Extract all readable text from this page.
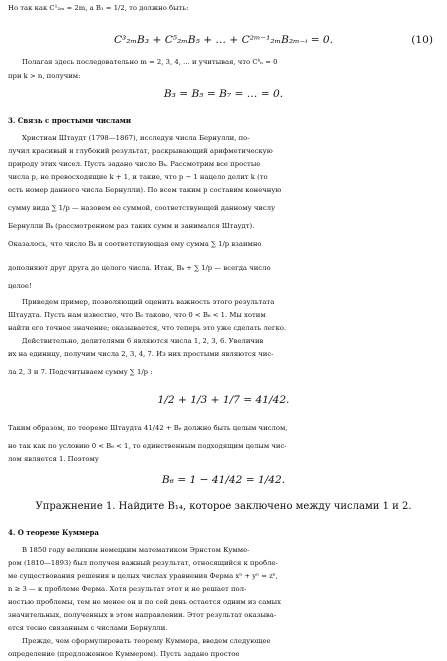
Но так как C¹₂ₘ = 2m, а B₁ = 1/2, то должно быть:
C³₂ₘB₃ + C⁵₂ₘB₅ + … + C²ᵐ⁻¹₂ₘB₂ₘ₋ᵢ = 0.	(10)
Полагая здесь последовательно m = 2, 3, 4, … и учитывая, что Cᵏₙ = 0
при k > n, получим:
B₃ = B₅ = B₇ = … = 0.
3. Связь с простыми числами
Христиан Штаудт (1798—1867), исследуя числа Бернулли, по-
лучил красивый и глубокий результат, раскрывающий арифметическую
природу этих чисел. Пусть задано число Bₖ. Рассмотрим все простые
числа p, не превосходящие k + 1, и такие, что p − 1 нацело делит k (то
есть номер данного числа Бернулли). По всем таким p составим конечную
сумму вида ∑ 1/p — назовем ее суммой, соответствующей данному числу
Бернулли Bₖ (рассмотрением раз таких сумм и занимался Штаудт).
Оказалось, что число Bₖ и соответствующая ему сумма ∑ 1/p взаимно
дополняют друг друга до целого числа. Итак, Bₖ + ∑ 1/p — всегда число
целое!
Приведем пример, позволяющий оценить важность этого результата
Штаудта. Пусть нам известно, что B₆ таково, что 0 < B₆ < 1. Мы хотим
найти его точное значение; оказывается, что теперь это уже сделать легко.
Действительно, делителями 6 являются числа 1, 2, 3, 6. Увеличив
их на единицу, получим числа 2, 3, 4, 7. Из них простыми являются чис-
ла 2, 3 и 7. Подсчитываем сумму ∑ 1/p :
1/2 + 1/3 + 1/7 = 41/42.
Таким образом, по теореме Штаудта 41/42 + B₆ должно быть целым числом,
но так как по условию 0 < B₆ < 1, то единственным подходящим целым чис-
лом является 1. Поэтому
B₆ = 1 − 41/42 = 1/42.
Упражнение 1. Найдите B₁₄, которое заключено между числами 1 и 2.
4. О теореме Куммера
В 1850 году великим немецким математиком Эрнстом Кумме-
ром (1810—1893) был получен важный результат, относящийся к пробле-
ме существования решения в целых числах уравнения Ферма xⁿ + yⁿ = zⁿ,
n ≥ 3 — к проблеме Ферма. Хотя результат этот и не решает пол-
ностью проблемы, тем не менее он и по сей день остается одним из самых
значительных, полученных в этом направлении. Этот результат оказыва-
ется тесно связанным с числами Бернулли.
Прежде, чем сформулировать теорему Куммера, введем следующее
определение (предложенное Куммером). Пусть задано простое
